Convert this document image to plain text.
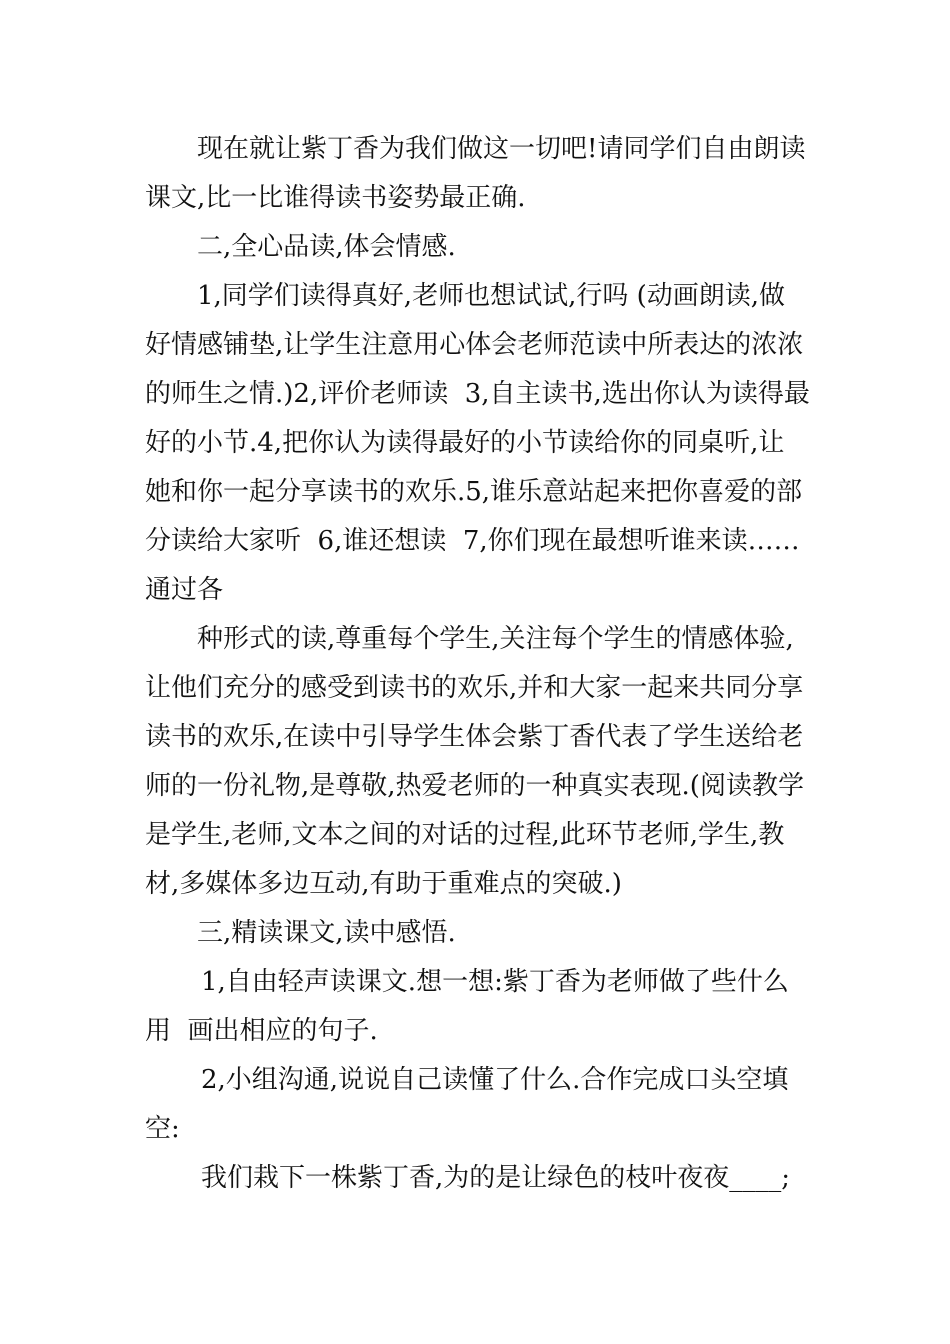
现在就让紫丁香为我们做这一切吧!请同学们自由朗读课文,比一比谁得读书姿势最正确.

二,全心品读,体会情感.

1,同学们读得真好,老师也想试试,行吗 (动画朗读,做好情感铺垫,让学生注意用心体会老师范读中所表达的浓浓的师生之情.)2,评价老师读  3,自主读书,选出你认为读得最好的小节.4,把你认为读得最好的小节读给你的同桌听,让她和你一起分享读书的欢乐.5,谁乐意站起来把你喜爱的部分读给大家听  6,谁还想读  7,你们现在最想听谁来读……通过各

种形式的读,尊重每个学生,关注每个学生的情感体验,让他们充分的感受到读书的欢乐,并和大家一起来共同分享读书的欢乐,在读中引导学生体会紫丁香代表了学生送给老师的一份礼物,是尊敬,热爱老师的一种真实表现.(阅读教学是学生,老师,文本之间的对话的过程,此环节老师,学生,教材,多媒体多边互动,有助于重难点的突破.)

三,精读课文,读中感悟.

1,自由轻声读课文.想一想:紫丁香为老师做了些什么用  画出相应的句子.

2,小组沟通,说说自己读懂了什么.合作完成口头空填空:

我们栽下一株紫丁香,为的是让绿色的枝叶夜夜____;
